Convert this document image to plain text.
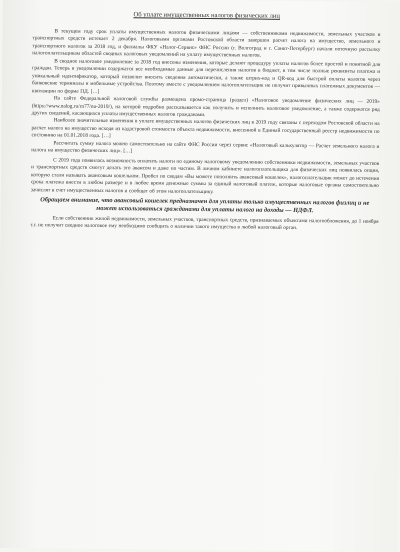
Об уплате имущественных налогов физических лиц

В текущем году срок уплаты имущественных налогов физическими лицами — собственниками недвижимости, земельных участков и транспортных средств истекает 2 декабря. Налоговыми органами Ростовской области завершен расчет налога на имущество, земельного и транспортного налогов за 2018 год, и филиалы ФКУ «Налог-Сервис» ФНС России (г. Волгоград и г. Санкт-Петербург) начали поточную рассылку налогоплательщикам областей сводных налоговых уведомлений на уплату имущественных налогов.

В сводное налоговое уведомление за 2018 год внесены изменения, которые делают процедуру уплаты налогов более простой и понятной для граждан. Теперь в уведомлении содержатся все необходимые данные для перечисления налогов в бюджет, в том числе полные реквизиты платежа и уникальный идентификатор, который позволит вносить сведения автоматически, а также штрих-код и QR-код для быстрой оплаты налогов через банковские терминалы и мобильные устройства. Поэтому вместе с уведомлением налогоплательщик не получит привычных платежных документов — квитанции по форме ПД. […]

На сайте Федеральной налоговой службы размещена промо-страница (раздел) «Налоговое уведомление физических лиц — 2019» (https://www.nalog.ru/rn77/nu-2019/), на которой подробно рассказывается как получить и исполнить налоговое уведомление, а также содержатся ряд других сведений, касающихся уплаты имущественных налогов гражданами.

Наиболее значительные изменения в уплате имущественных налогов физических лиц в 2019 году связаны с переходом Ростовской области на расчет налога на имущество исходя из кадастровой стоимости объекта недвижимости, внесенной в Единый государственный реестр недвижимости по состоянию на 01.01.2018 года. […]

Рассчитать сумму налога можно самостоятельно на сайте ФНС России через сервис «Налоговый калькулятор — Расчет земельного налога и налога на имущество физических лиц». […]

С 2019 года появилась возможность оплатить налоги по единому налоговому уведомлению собственники недвижимости, земельных участков и транспортных средств смогут делать это авансом и даже по частям. В личном кабинете налогоплательщика для физических лиц появилась опция, которую стали называть авансовым кошельком. Пробел по сводам «Вы можете пополнить авансовый кошелек», налогоплательщик может до истечения срока платежа внести в любом размере и в любое время денежные суммы за единый налоговый платеж, которые налоговые органы самостоятельно зачислят в счет имущественных налогов и сообщат об этом налогоплательщику.

Обращаем внимание, что авансовый кошелек предназначен для уплаты только имущественных налогов физлиц и не может использоваться гражданами для уплаты налога на доходы — НДФЛ.

Если собственник жилой недвижимости, земельных участков, транспортных средств, признаваемых объектами налогообложения, до 1 ноября т.г. не получит сводное налоговое ему необходимо сообщить о наличии такого имущества в любой налоговый орган.
